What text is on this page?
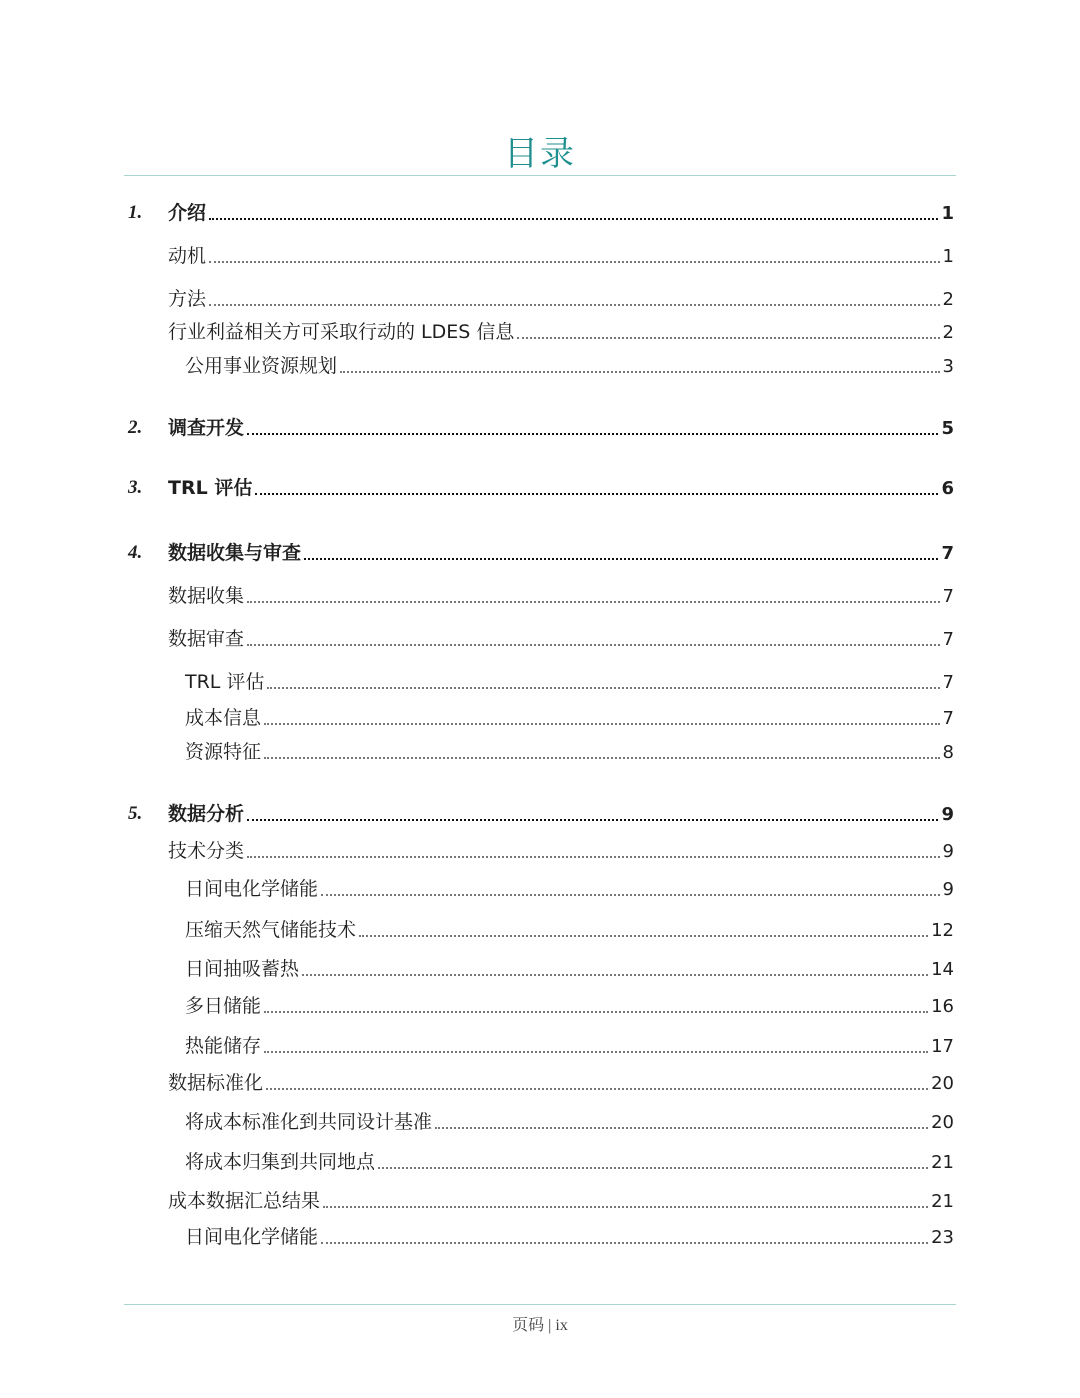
目录
1.	介绍	1
动机	1
方法	2
行业利益相关方可采取行动的 LDES 信息	2
公用事业资源规划	3
2.	调查开发	5
3.	TRL 评估	6
4.	数据收集与审查	7
数据收集	7
数据审查	7
TRL 评估	7
成本信息	7
资源特征	8
5.	数据分析	9
技术分类	9
日间电化学储能	9
压缩天然气储能技术	12
日间抽吸蓄热	14
多日储能	16
热能储存	17
数据标准化	20
将成本标准化到共同设计基准	20
将成本归集到共同地点	21
成本数据汇总结果	21
日间电化学储能	23
页码 | ix
